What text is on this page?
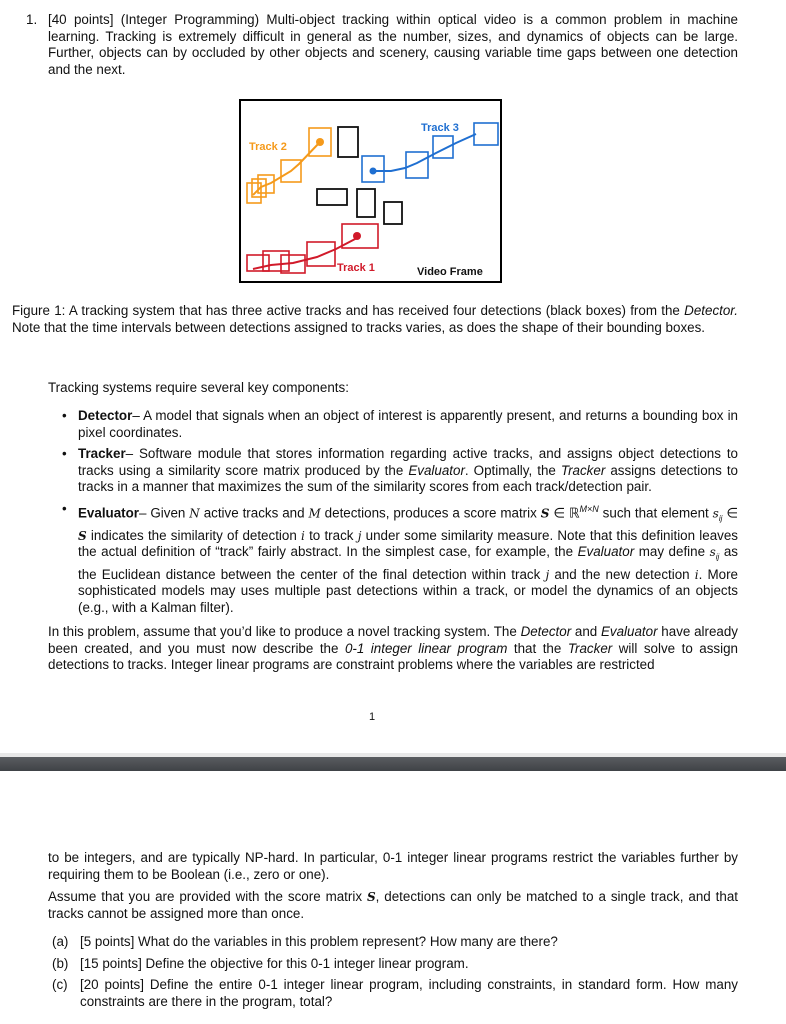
1. [40 points] (Integer Programming) Multi-object tracking within optical video is a common problem in machine learning. Tracking is extremely difficult in general as the number, sizes, and dynamics of objects can be large. Further, objects can by occluded by other objects and scenery, causing variable time gaps between one detection and the next.
Track 2
Track 3
Track 1	Video Frame
Figure 1: A tracking system that has three active tracks and has received four detections (black boxes) from the Detector. Note that the time intervals between detections assigned to tracks varies, as does the shape of their bounding boxes.
Tracking systems require several key components:
• Detector– A model that signals when an object of interest is apparently present, and returns a bounding box in pixel coordinates.
• Tracker– Software module that stores information regarding active tracks, and assigns object detections to tracks using a similarity score matrix produced by the Evaluator. Optimally, the Tracker assigns detections to tracks in a manner that maximizes the sum of the similarity scores from each track/detection pair.
• Evaluator– Given N active tracks and M detections, produces a score matrix S ∈ ℝ$^{M\times N}$ such that element $s_{ij}$ ∈ S indicates the similarity of detection i to track j under some similarity measure. Note that this definition leaves the actual definition of “track” fairly abstract. In the simplest case, for example, the Evaluator may define $s_{ij}$ as the Euclidean distance between the center of the final detection within track j and the new detection i. More sophisticated models may uses multiple past detections within a track, or model the dynamics of an objects (e.g., with a Kalman filter).
In this problem, assume that you’d like to produce a novel tracking system. The Detector and Evaluator have already been created, and you must now describe the 0-1 integer linear program that the Tracker will solve to assign detections to tracks. Integer linear programs are constraint problems where the variables are restricted
1
to be integers, and are typically NP-hard. In particular, 0-1 integer linear programs restrict the variables further by requiring them to be Boolean (i.e., zero or one).
Assume that you are provided with the score matrix S, detections can only be matched to a single track, and that tracks cannot be assigned more than once.
(a) [5 points] What do the variables in this problem represent? How many are there?
(b) [15 points] Define the objective for this 0-1 integer linear program.
(c) [20 points] Define the entire 0-1 integer linear program, including constraints, in standard form. How many constraints are there in the program, total?
